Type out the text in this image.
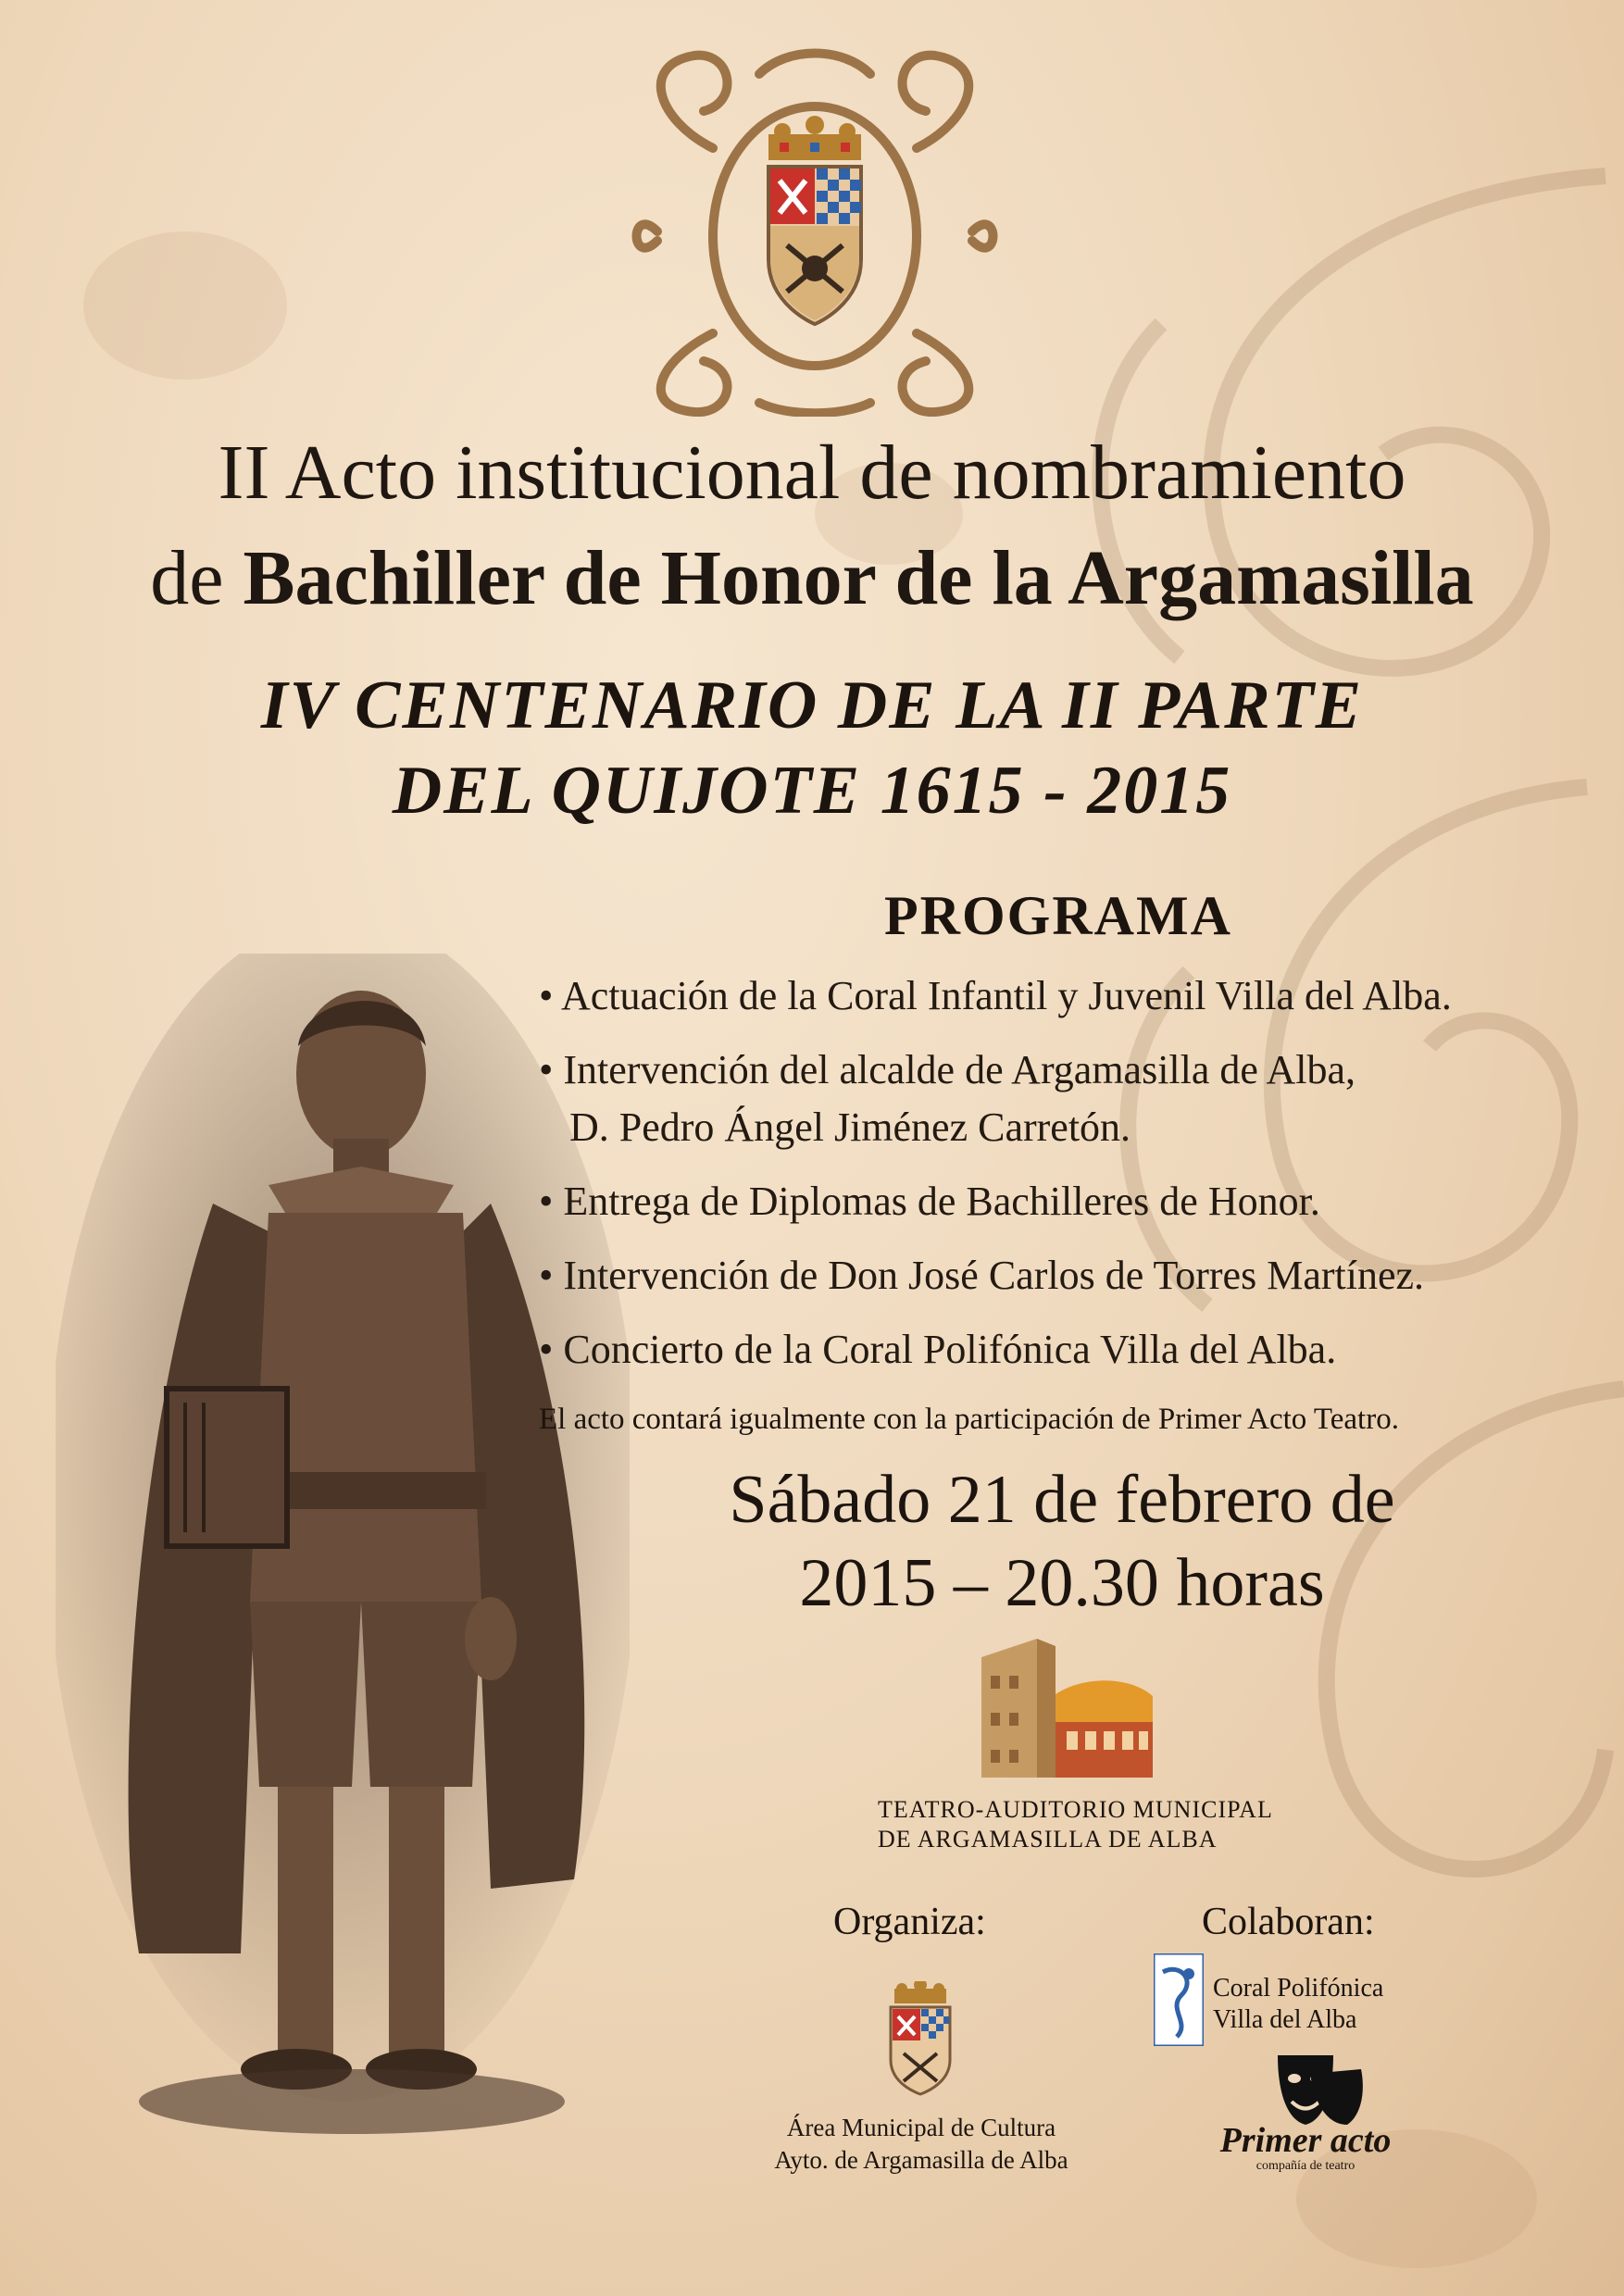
II Acto institucional de nombramiento
de Bachiller de Honor de la Argamasilla
IV CENTENARIO DE LA II PARTE
DEL QUIJOTE 1615 - 2015
PROGRAMA
• Actuación de la Coral Infantil y Juvenil Villa del Alba.
• Intervención del alcalde de Argamasilla de Alba,
D. Pedro Ángel Jiménez Carretón.
• Entrega de Diplomas de Bachilleres de Honor.
• Intervención de Don José Carlos de Torres Martínez.
• Concierto de la Coral Polifónica Villa del Alba.
El acto contará igualmente con la participación de Primer Acto Teatro.
Sábado 21 de febrero de
2015 – 20.30 horas
TEATRO-AUDITORIO MUNICIPAL
DE ARGAMASILLA DE ALBA
Organiza:
Área Municipal de Cultura
Ayto. de Argamasilla de Alba
Colaboran:
Coral Polifónica
Villa del Alba
Primer acto
compañía de teatro
